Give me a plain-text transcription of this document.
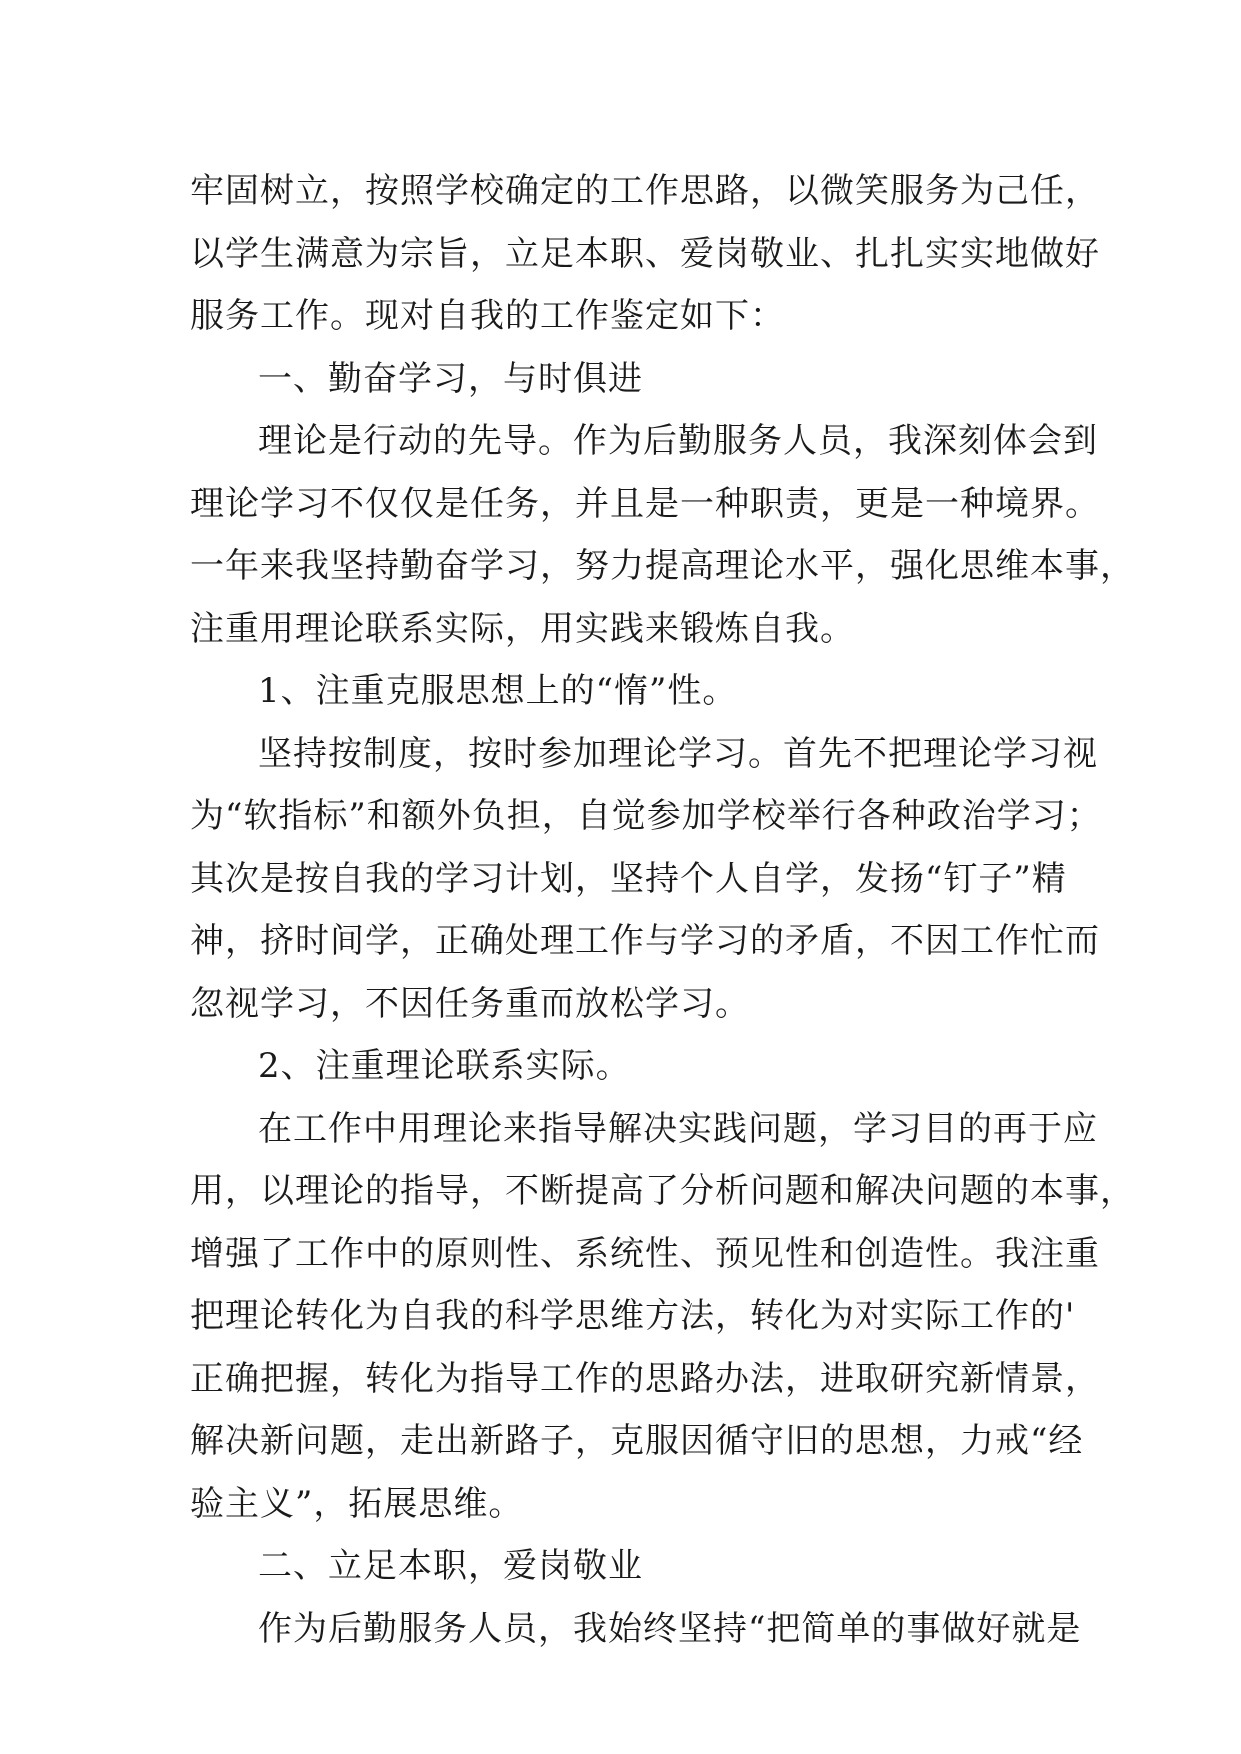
牢固树立，按照学校确定的工作思路，以微笑服务为己任，
以学生满意为宗旨，立足本职、爱岗敬业、扎扎实实地做好
服务工作。现对自我的工作鉴定如下：
一、勤奋学习，与时俱进
理论是行动的先导。作为后勤服务人员，我深刻体会到
理论学习不仅仅是任务，并且是一种职责，更是一种境界。
一年来我坚持勤奋学习，努力提高理论水平，强化思维本事，
注重用理论联系实际，用实践来锻炼自我。
1、注重克服思想上的“惰”性。
坚持按制度，按时参加理论学习。首先不把理论学习视
为“软指标”和额外负担，自觉参加学校举行各种政治学习；
其次是按自我的学习计划，坚持个人自学，发扬“钉子”精
神，挤时间学，正确处理工作与学习的矛盾，不因工作忙而
忽视学习，不因任务重而放松学习。
2、注重理论联系实际。
在工作中用理论来指导解决实践问题，学习目的再于应
用，以理论的指导，不断提高了分析问题和解决问题的本事，
增强了工作中的原则性、系统性、预见性和创造性。我注重
把理论转化为自我的科学思维方法，转化为对实际工作的'
正确把握，转化为指导工作的思路办法，进取研究新情景，
解决新问题，走出新路子，克服因循守旧的思想，力戒“经
验主义”，拓展思维。
二、立足本职，爱岗敬业
作为后勤服务人员，我始终坚持“把简单的事做好就是
